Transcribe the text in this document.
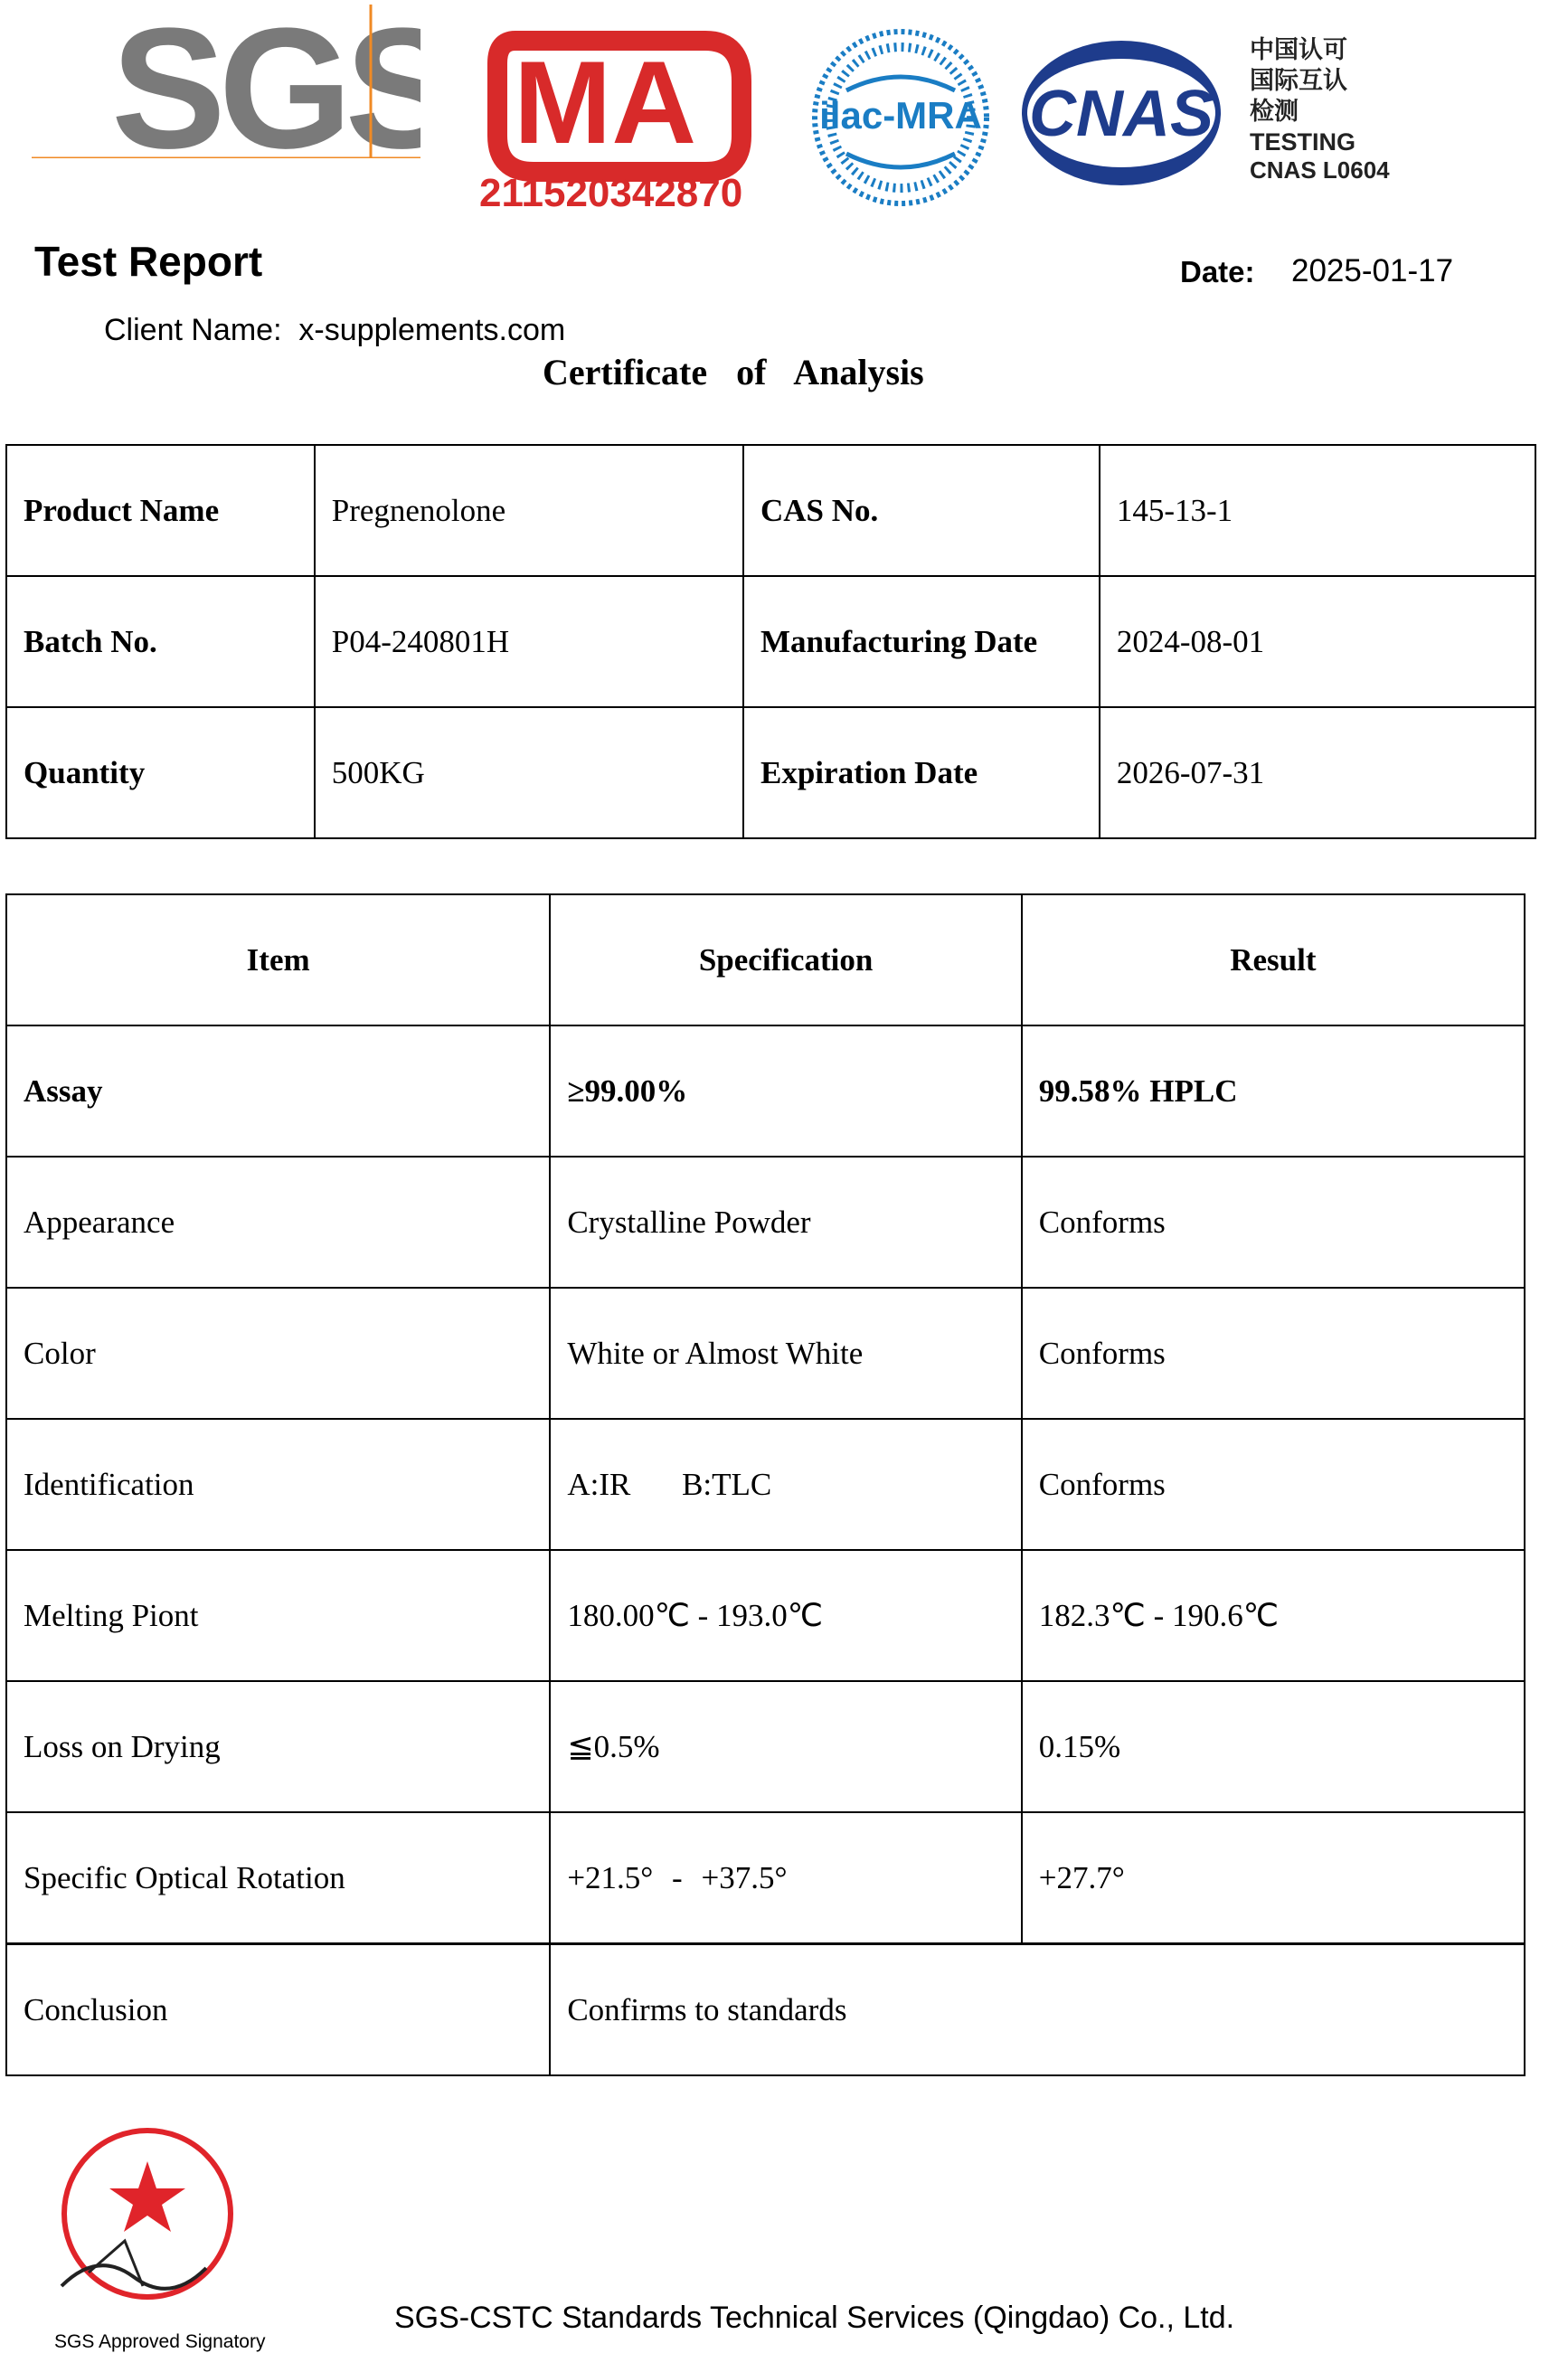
SGS MA
211520342870
ilac-MRA CNAS
中国认可 国际互认 检测
TESTING
CNAS L0604
Test Report	Date: 2025-01-17
Client Name: x-supplements.com
Certificate of Analysis
Product Name	Pregnenolone	CAS No.	145-13-1
Batch No.	P04-240801H	Manufacturing Date	2024-08-01
Quantity	500KG	Expiration Date	2026-07-31
Item	Specification	Result
Assay	≥99.00%	99.58% HPLC
Appearance	Crystalline Powder	Conforms
Color	White or Almost White	Conforms
Identification	A:IR B:TLC	Conforms
Melting Piont	180.00℃ - 193.0℃	182.3℃ - 190.6℃
Loss on Drying	≦0.5%	0.15%
Specific Optical Rotation	+21.5° - +37.5°	+27.7°
Conclusion	Confirms to standards	
SGS Approved Signatory
SGS-CSTC Standards Technical Services (Qingdao) Co., Ltd.
